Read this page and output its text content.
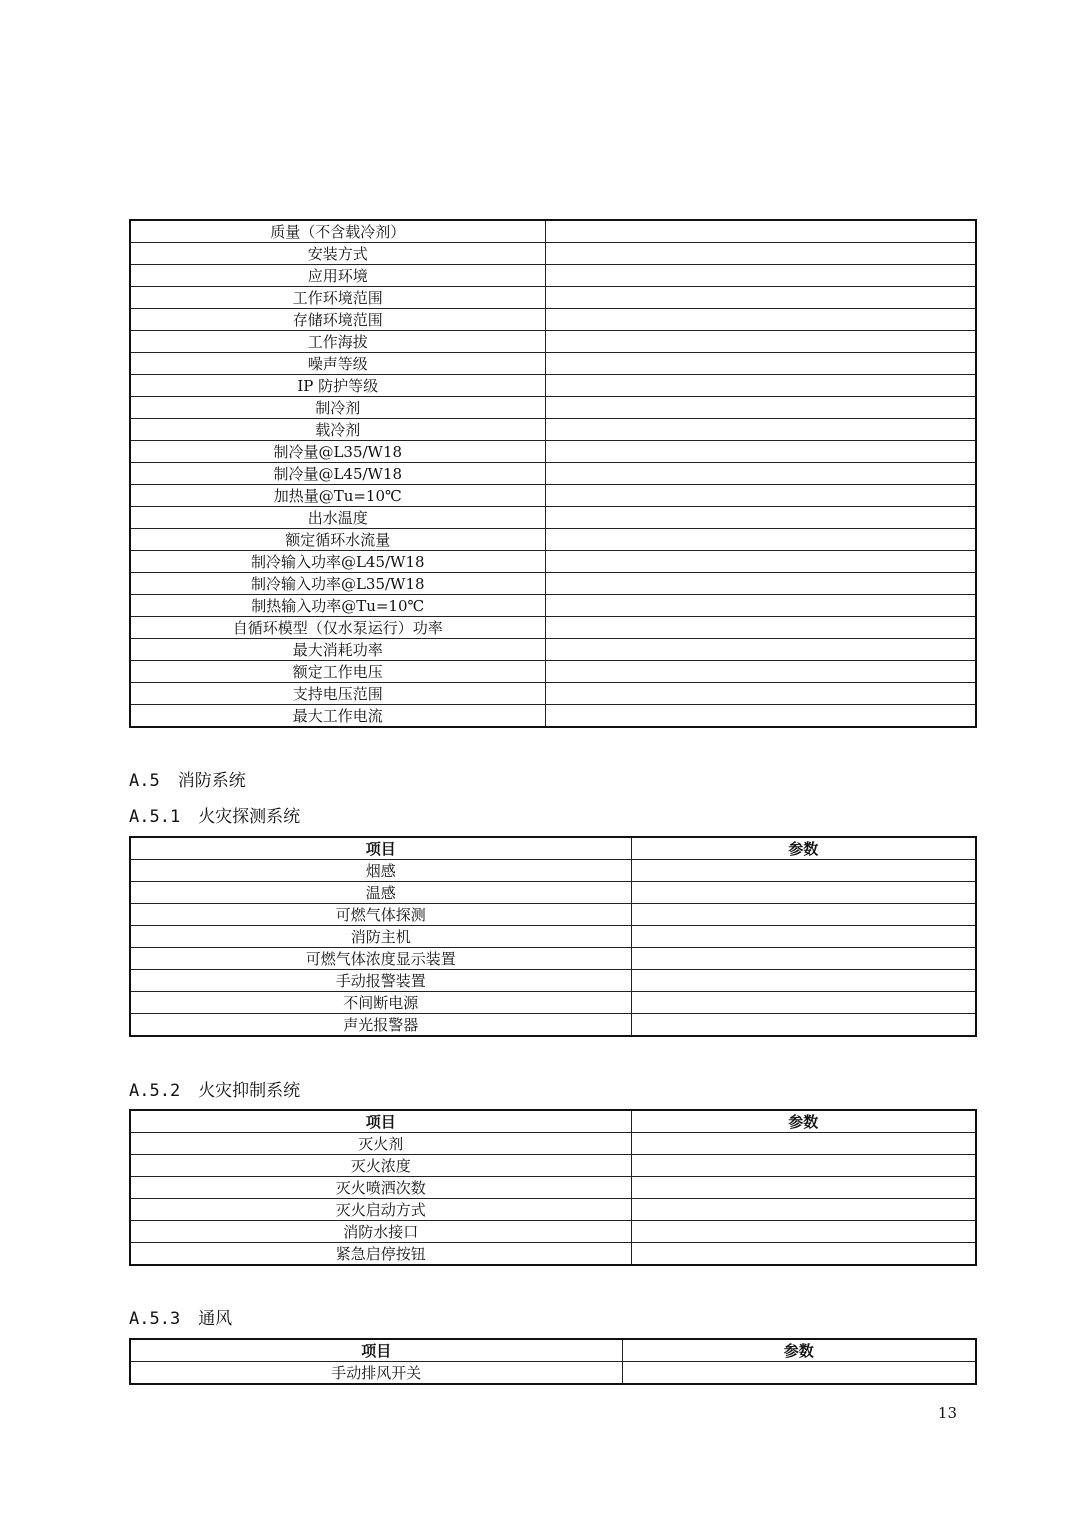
质量（不含载冷剂）	
安装方式	
应用环境	
工作环境范围	
存储环境范围	
工作海拔	
噪声等级	
IP 防护等级	
制冷剂	
载冷剂	
制冷量@L35/W18	
制冷量@L45/W18	
加热量@Tu=10℃	
出水温度	
额定循环水流量	
制冷输入功率@L45/W18	
制冷输入功率@L35/W18	
制热输入功率@Tu=10℃	
自循环模型（仅水泵运行）功率	
最大消耗功率	
额定工作电压	
支持电压范围	
最大工作电流	
A.5 消防系统
A.5.1 火灾探测系统
项目	参数
烟感	
温感	
可燃气体探测	
消防主机	
可燃气体浓度显示装置	
手动报警装置	
不间断电源	
声光报警器	
A.5.2 火灾抑制系统
项目	参数
灭火剂	
灭火浓度	
灭火喷洒次数	
灭火启动方式	
消防水接口	
紧急启停按钮	
A.5.3 通风
项目	参数
手动排风开关	
13
